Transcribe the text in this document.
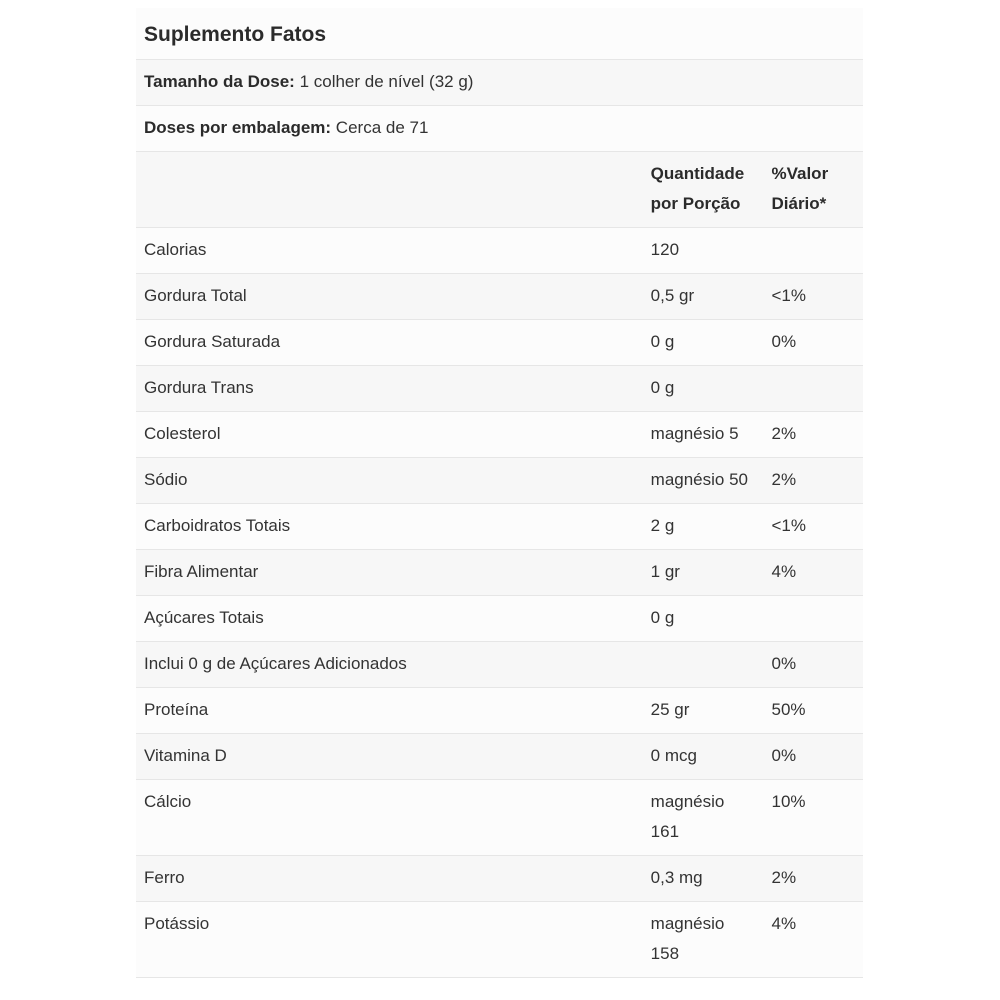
Suplemento Fatos		
Tamanho da Dose: 1 colher de nível (32 g)		
Doses por embalagem: Cerca de 71		
	Quantidade por Porção	%Valor Diário*
Calorias	120	
Gordura Total	0,5 gr	<1%
Gordura Saturada	0 g	0%
Gordura Trans	0 g	
Colesterol	magnésio 5	2%
Sódio	magnésio 50	2%
Carboidratos Totais	2 g	<1%
Fibra Alimentar	1 gr	4%
Açúcares Totais	0 g	
Inclui 0 g de Açúcares Adicionados		0%
Proteína	25 gr	50%
Vitamina D	0 mcg	0%
Cálcio	magnésio 161	10%
Ferro	0,3 mg	2%
Potássio	magnésio 158	4%
